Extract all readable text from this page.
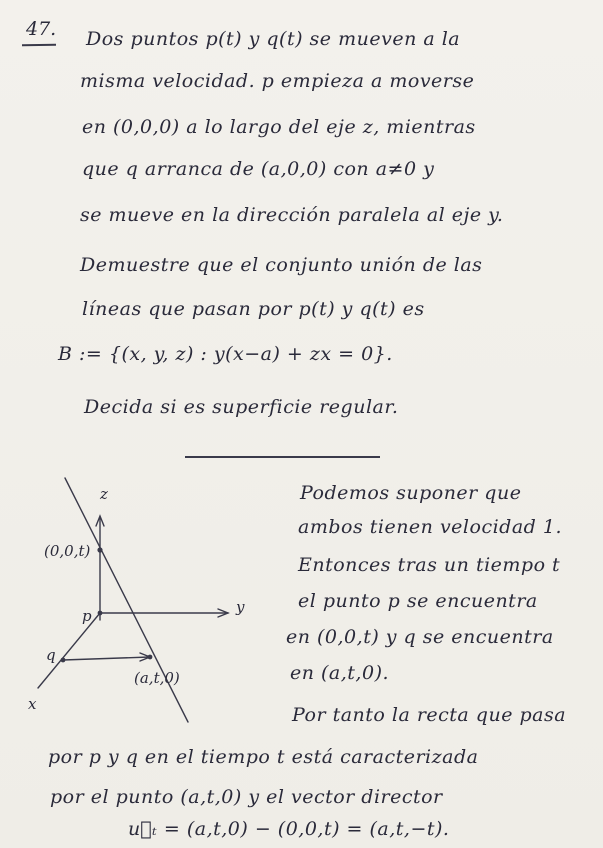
47. Dos puntos p(t) y q(t) se mueven a la
misma velocidad. p empieza a moverse
en (0,0,0) a lo largo del eje z, mientras
que q arranca de (a,0,0) con a≠0 y
se mueve en la dirección paralela al eje y.
Demuestre que el conjunto unión de las
líneas que pasan por p(t) y q(t) es
B := {(x, y, z) : y(x−a) + zx = 0}.
Decida si es superficie regular.
z
y
x
(0,0,t)
p
q
(a,t,0)
Podemos suponer que
ambos tienen velocidad 1.
Entonces tras un tiempo t
el punto p se encuentra
en (0,0,t) y q se encuentra
en (a,t,0).
Por tanto la recta que pasa
por p y q en el tiempo t está caracterizada
por el punto (a,t,0) y el vector director
u⃗ₜ = (a,t,0) − (0,0,t) = (a,t,−t).
